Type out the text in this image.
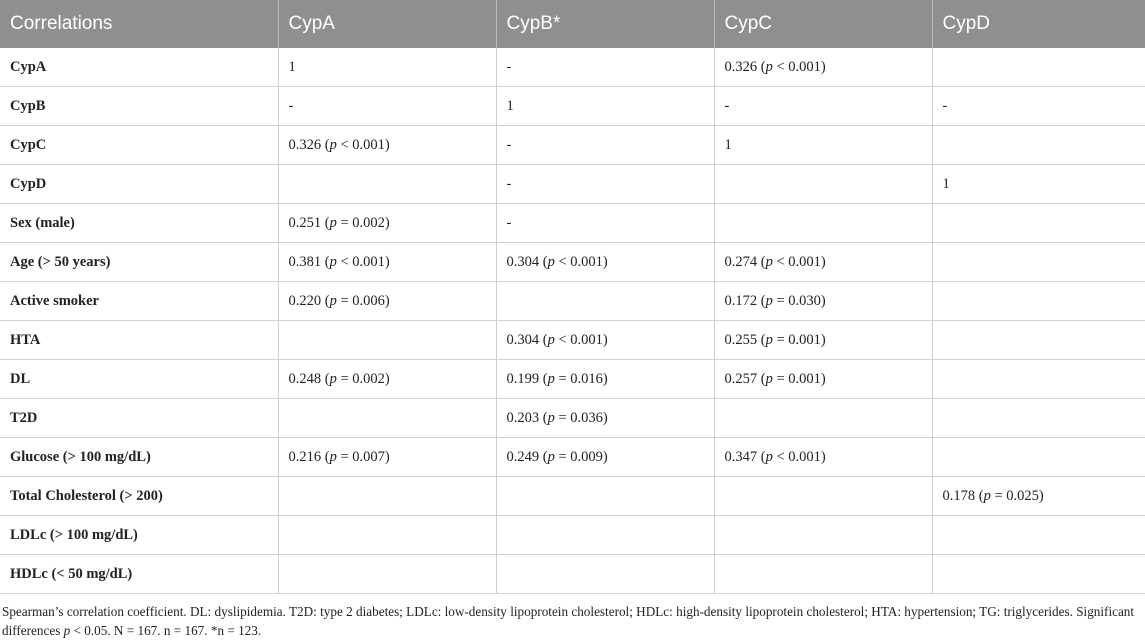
Correlations	CypA	CypB*	CypC	CypD
CypA	1	-	0.326 (p < 0.001)	
CypB	-	1	-	-
CypC	0.326 (p < 0.001)	-	1	
CypD		-		1
Sex (male)	0.251 (p = 0.002)	-		
Age (> 50 years)	0.381 (p < 0.001)	0.304 (p < 0.001)	0.274 (p < 0.001)	
Active smoker	0.220 (p = 0.006)		0.172 (p = 0.030)	
HTA		0.304 (p < 0.001)	0.255 (p = 0.001)	
DL	0.248 (p = 0.002)	0.199 (p = 0.016)	0.257 (p = 0.001)	
T2D		0.203 (p = 0.036)		
Glucose (> 100 mg/dL)	0.216 (p = 0.007)	0.249 (p = 0.009)	0.347 (p < 0.001)	
Total Cholesterol (> 200)				0.178 (p = 0.025)
LDLc (> 100 mg/dL)				
HDLc (< 50 mg/dL)				
Spearman’s correlation coefficient. DL: dyslipidemia. T2D: type 2 diabetes; LDLc: low-density lipoprotein cholesterol; HDLc: high-density lipoprotein cholesterol; HTA: hypertension; TG: triglycerides. Significant differences p < 0.05. N = 167. n = 167. *n = 123.
